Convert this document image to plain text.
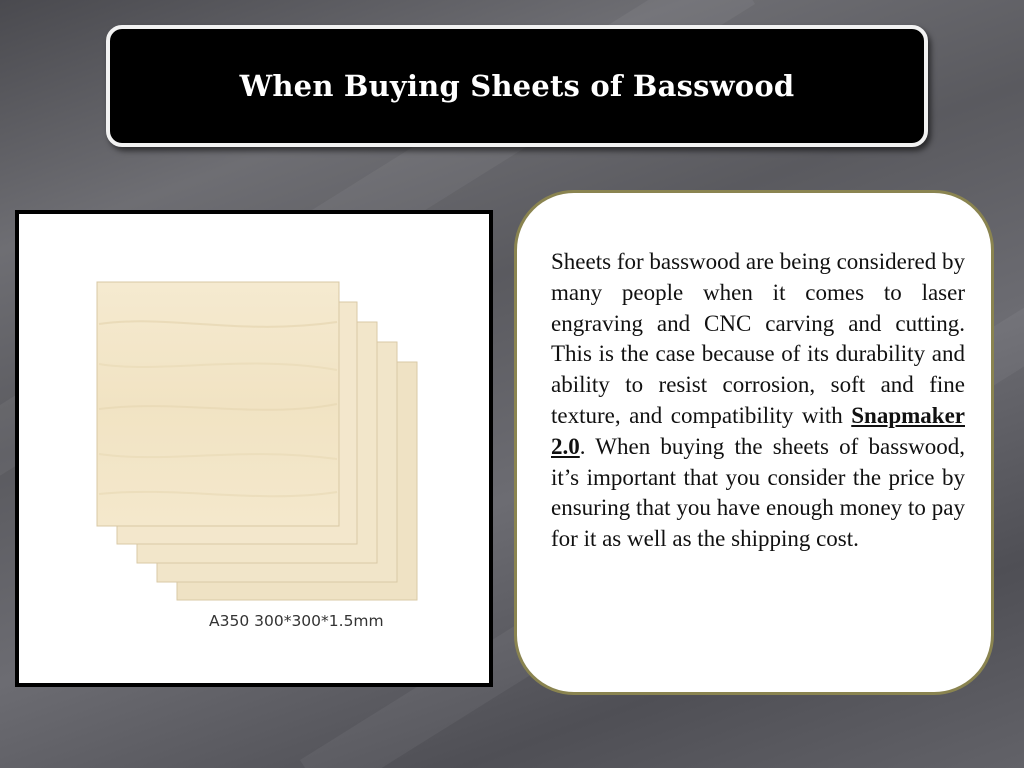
When Buying Sheets of Basswood
A350 300*300*1.5mm

Sheets for basswood are being considered by many people when it comes to laser engraving and CNC carving and cutting. This is the case because of its durability and ability to resist corrosion, soft and fine texture, and compatibility with Snapmaker 2.0. When buying the sheets of basswood, it’s important that you consider the price by ensuring that you have enough money to pay for it as well as the shipping cost.
